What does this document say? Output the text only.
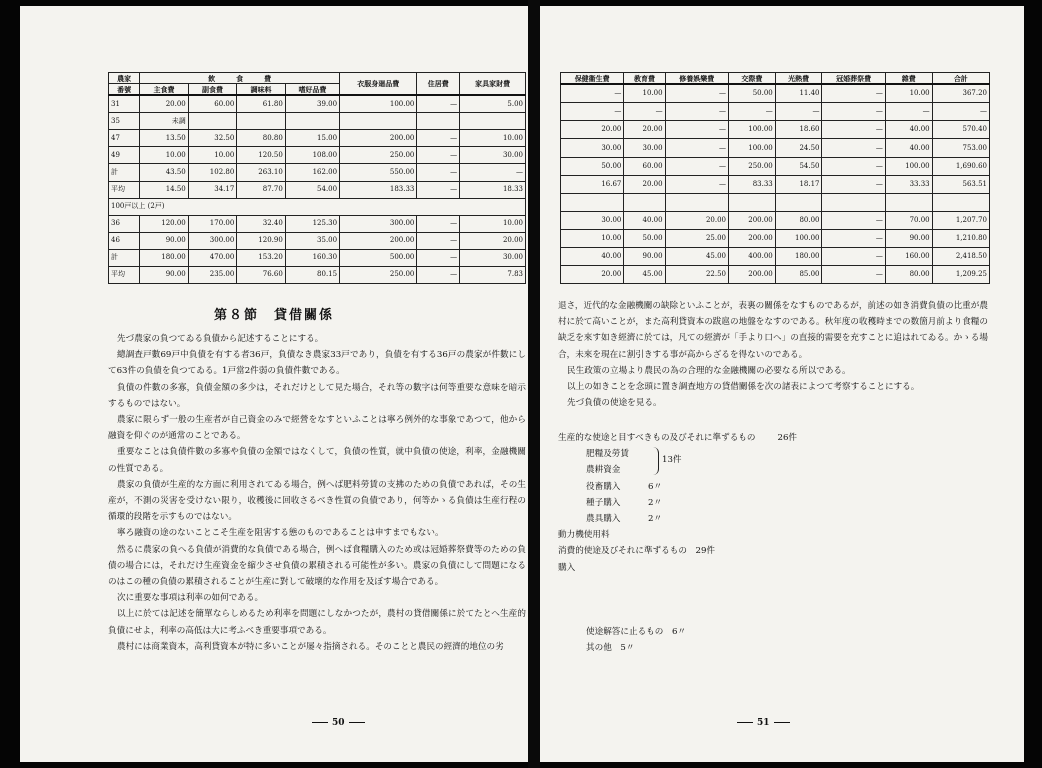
農家	飲　　　食　　　費				衣服身廻品費	住居費	家具家財費
番號	主食費	副食費	調味料	嗜好品費			
31	20.00	60.00	61.80	39.00	100.00	—	5.00
35	未調						
47	13.50	32.50	80.80	15.00	200.00	—	10.00
49	10.00	10.00	120.50	108.00	250.00	—	30.00
計	43.50	102.80	263.10	162.00	550.00	—	—
平均	14.50	34.17	87.70	54.00	183.33	—	18.33
100戸以上 (2戸)							
36	120.00	170.00	32.40	125.30	300.00	—	10.00
46	90.00	300.00	120.90	35.00	200.00	—	20.00
計	180.00	470.00	153.20	160.30	500.00	—	30.00
平均	90.00	235.00	76.60	80.15	250.00	—	7.83
第８節　貸借關係

先づ農家の負つてゐる負債から記述することにする。

總調査戸數69戸中負債を有する者36戸，負債なき農家33戸であり，負債を有する36戸の農家が件數にして63件の負債を負つてゐる。1戸當2件弱の負債件數である。

負債の件數の多寡，負債金額の多少は，それだけとして見た場合，それ等の數字は何等重要な意味を暗示するものではない。

農家に限らず一般の生産者が自己資金のみで經營をなすといふことは寧ろ例外的な事象であつて，他から融資を仰ぐのが通常のことである。

重要なことは負債件數の多寡や負債の金額ではなくして，負債の性質，就中負債の使途，利率，金融機關の性質である。

農家の負債が生産的な方面に利用されてゐる場合，例へば肥料勞賃の支拂のための負債であれば，その生産が，不測の災害を受けない限り，收穫後に回收さるべき性質の負債であり，何等かゝる負債は生産行程の循環的段階を示すものではない。

寧ろ融資の途のないことこそ生産を阻害する態のものであることは申すまでもない。

然るに農家の負へる負債が消費的な負債である場合，例へば食糧購入のため或は冠婚葬祭費等のための負債の場合には，それだけ生産資金を縮少させ負債の累積される可能性が多い。農家の負債にして問題になるのはこの種の負債の累積されることが生産に對して破壞的な作用を及ぼす場合である。

次に重要な事項は利率の如何である。

以上に於ては記述を簡單ならしめるため利率を問題にしなかつたが，農村の貸借關係に於てたとへ生産的負債にせよ，利率の高低は大に考ふべき重要事項である。

農村には商業資本，高利貸資本が特に多いことが屡々指摘される。そのことと農民の經濟的地位の劣

50
保健衞生費	教育費	修養娯樂費	交際費	光熱費	冠婚葬祭費	雜費	合計
—	10.00	—	50.00	11.40	—	10.00	367.20
—	—	—	—	—	—	—	—
20.00	20.00	—	100.00	18.60	—	40.00	570.40
30.00	30.00	—	100.00	24.50	—	40.00	753.00
50.00	60.00	—	250.00	54.50	—	100.00	1,690.60
16.67	20.00	—	83.33	18.17	—	33.33	563.51

30.00	40.00	20.00	200.00	80.00	—	70.00	1,207.70
10.00	50.00	25.00	200.00	100.00	—	90.00	1,210.80
40.00	90.00	45.00	400.00	180.00	—	160.00	2,418.50
20.00	45.00	22.50	200.00	85.00	—	80.00	1,209.25

退さ，近代的な金融機關の缺除といふことが，表裏の關係をなすものであるが，前述の如き消費負債の比重が農村に於て高いことが，また高利貸資本の跋扈の地盤をなすのである。秋年度の收穫時までの数箇月前より食糧の缺乏を來す如き經濟に於ては，凡ての經濟が「手より口へ」の直接的需要を充すことに追はれてゐる。かゝる場合，未來を現在に割引きする事が高からざるを得ないのである。

民生政策の立場より農民の為の合理的な金融機關の必要なる所以である。

以上の如きことを念頭に置き調査地方の貸借關係を次の諸表によつて考察することにする。

先づ負債の使途を見る。

生産的な使途と目すべきもの及びそれに準ずるもの	26件
肥糧及勞賃
農耕資金
役畜購入	6〃
種子購入	2〃
農具購入	2〃
動力機使用料
消費的使途及びそれに準ずるもの　29件
購入

使途解答に止るもの　6〃
其の他　5〃
13件
51
